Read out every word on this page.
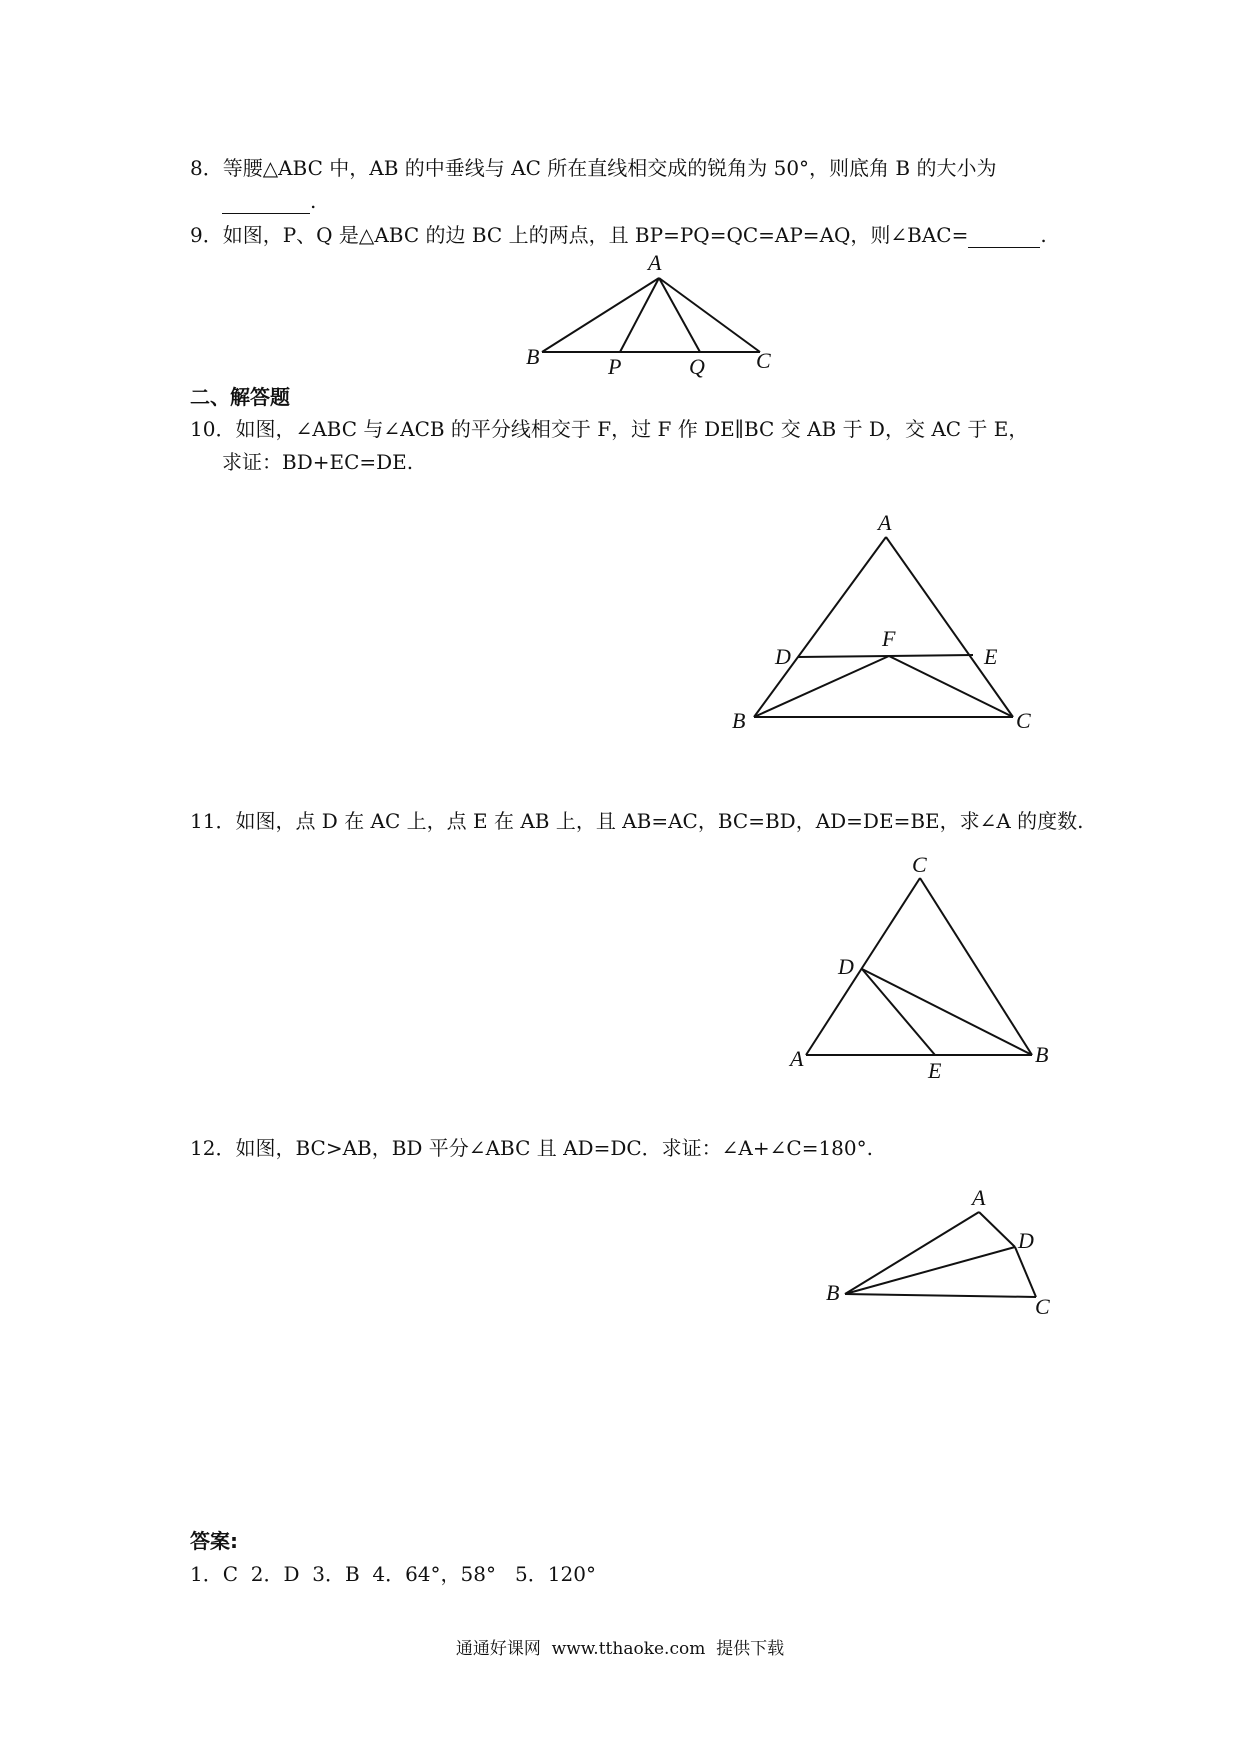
8．等腰△ABC 中，AB 的中垂线与 AC 所在直线相交成的锐角为 50°，则底角 B 的大小为
.
9．如图，P、Q 是△ABC 的边 BC 上的两点，且 BP=PQ=QC=AP=AQ，则∠BAC=	.
A
B	P	Q C
A
D
F
E
B	C
C
D
A	E
B
A
D
B
C
二、解答题
10．如图，∠ABC 与∠ACB 的平分线相交于 F，过 F 作 DE∥BC 交 AB 于 D，交 AC 于 E，
求证：BD+EC=DE.
11．如图，点 D 在 AC 上，点 E 在 AB 上，且 AB=AC，BC=BD，AD=DE=BE，求∠A 的度数.
12．如图，BC>AB，BD 平分∠ABC 且 AD=DC．求证：∠A+∠C=180°.
答案:
1．C  2．D  3．B  4．64°，58°   5．120°
通通好课网  www.tthaoke.com  提供下载
